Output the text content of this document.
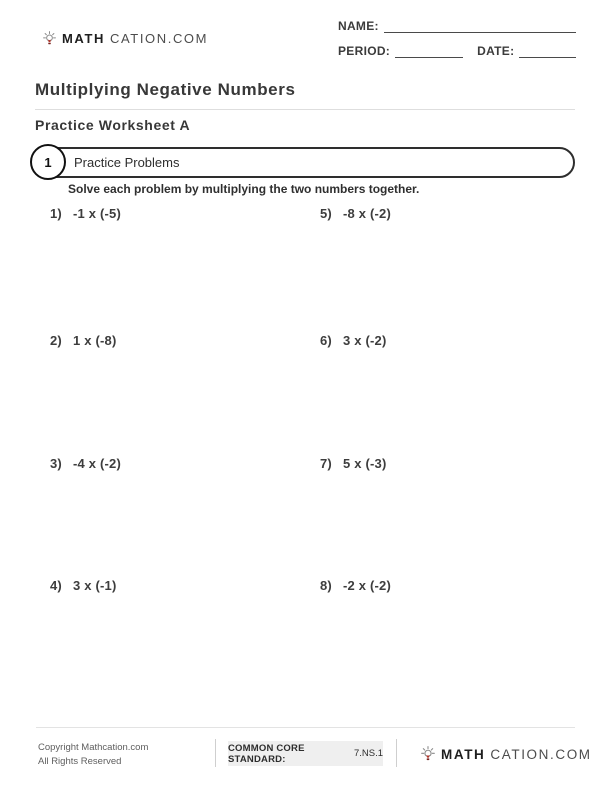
MATH CATION.COM
NAME:
PERIOD:	DATE:
Multiplying Negative Numbers
Practice Worksheet A
1	Practice Problems
Solve each problem by multiplying the two numbers together.
1) -1 x (-5)
2) 1 x (-8)
3) -4 x (-2)
4) 3 x (-1)
5) -8 x (-2)
6) 3 x (-2)
7) 5 x (-3)
8) -2 x (-2)
Copyright Mathcation.com
All Rights Reserved
COMMON CORE STANDARD:	7.NS.1	MATH CATION.COM
